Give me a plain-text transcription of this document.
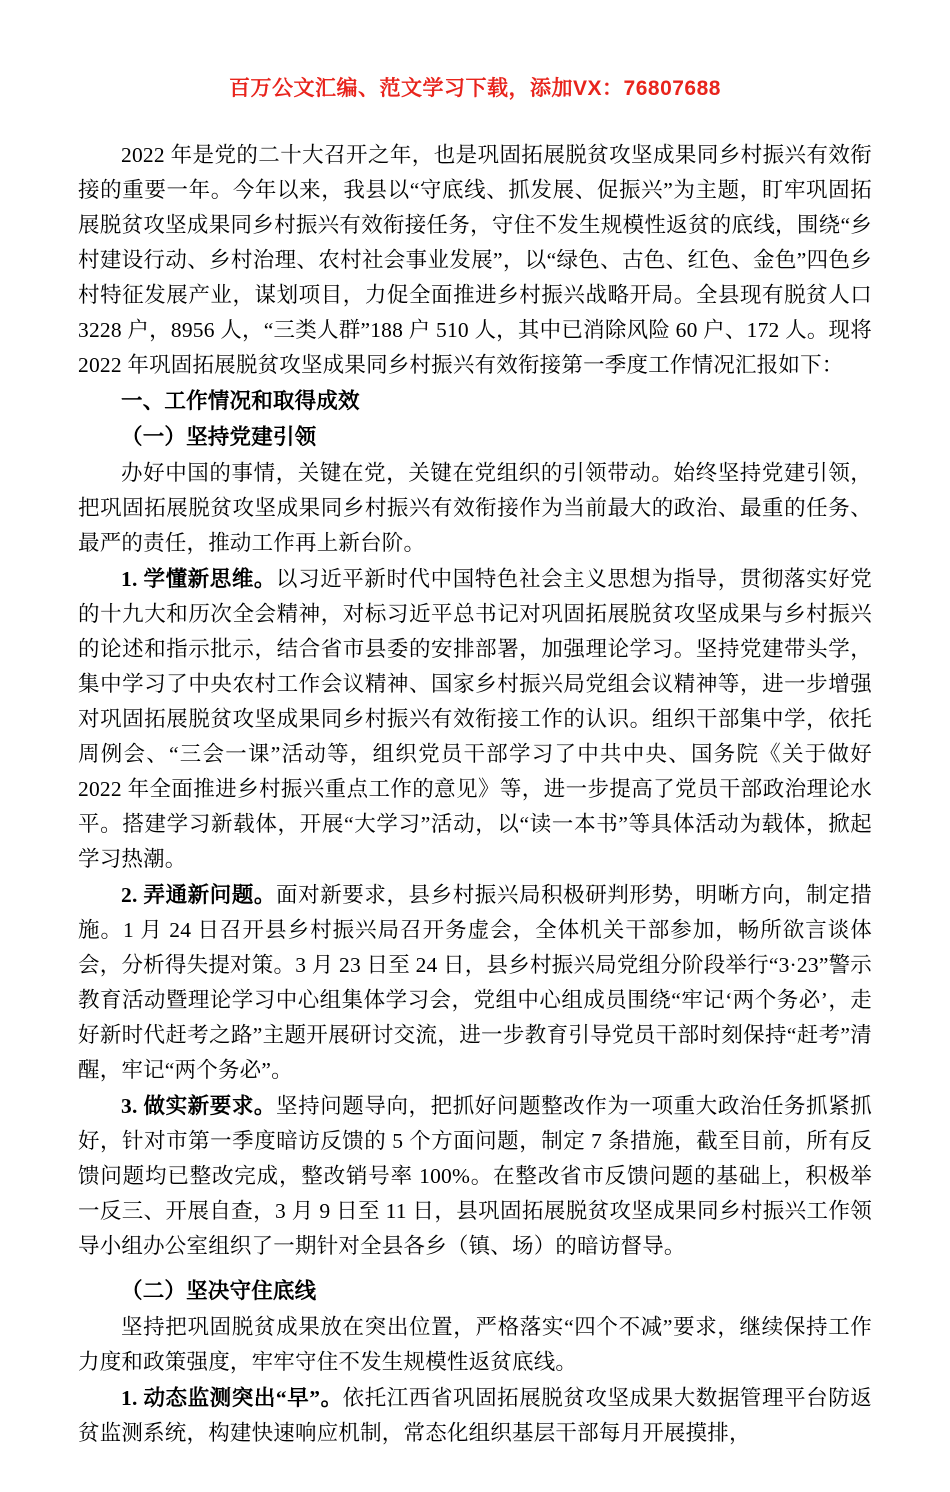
百万公文汇编、范文学习下载，添加VX：76807688

2022 年是党的二十大召开之年，也是巩固拓展脱贫攻坚成果同乡村振兴有效衔接的重要一年。今年以来，我县以“守底线、抓发展、促振兴”为主题，盯牢巩固拓展脱贫攻坚成果同乡村振兴有效衔接任务，守住不发生规模性返贫的底线，围绕“乡村建设行动、乡村治理、农村社会事业发展”，以“绿色、古色、红色、金色”四色乡村特征发展产业，谋划项目，力促全面推进乡村振兴战略开局。全县现有脱贫人口 3228 户，8956 人，“三类人群”188 户 510 人，其中已消除风险 60 户、172 人。现将 2022 年巩固拓展脱贫攻坚成果同乡村振兴有效衔接第一季度工作情况汇报如下：

一、工作情况和取得成效

（一）坚持党建引领

办好中国的事情，关键在党，关键在党组织的引领带动。始终坚持党建引领，把巩固拓展脱贫攻坚成果同乡村振兴有效衔接作为当前最大的政治、最重的任务、最严的责任，推动工作再上新台阶。

1. 学懂新思维。以习近平新时代中国特色社会主义思想为指导，贯彻落实好党的十九大和历次全会精神，对标习近平总书记对巩固拓展脱贫攻坚成果与乡村振兴的论述和指示批示，结合省市县委的安排部署，加强理论学习。坚持党建带头学，集中学习了中央农村工作会议精神、国家乡村振兴局党组会议精神等，进一步增强对巩固拓展脱贫攻坚成果同乡村振兴有效衔接工作的认识。组织干部集中学，依托周例会、“三会一课”活动等，组织党员干部学习了中共中央、国务院《关于做好 2022 年全面推进乡村振兴重点工作的意见》等，进一步提高了党员干部政治理论水平。搭建学习新载体，开展“大学习”活动，以“读一本书”等具体活动为载体，掀起学习热潮。

2. 弄通新问题。面对新要求，县乡村振兴局积极研判形势，明晰方向，制定措施。1 月 24 日召开县乡村振兴局召开务虚会，全体机关干部参加，畅所欲言谈体会，分析得失提对策。3 月 23 日至 24 日，县乡村振兴局党组分阶段举行“3·23”警示教育活动暨理论学习中心组集体学习会，党组中心组成员围绕“牢记‘两个务必’，走好新时代赶考之路”主题开展研讨交流，进一步教育引导党员干部时刻保持“赶考”清醒，牢记“两个务必”。

3. 做实新要求。坚持问题导向，把抓好问题整改作为一项重大政治任务抓紧抓好，针对市第一季度暗访反馈的 5 个方面问题，制定 7 条措施，截至目前，所有反馈问题均已整改完成，整改销号率 100%。在整改省市反馈问题的基础上，积极举一反三、开展自查，3 月 9 日至 11 日，县巩固拓展脱贫攻坚成果同乡村振兴工作领导小组办公室组织了一期针对全县各乡（镇、场）的暗访督导。

（二）坚决守住底线

坚持把巩固脱贫成果放在突出位置，严格落实“四个不减”要求，继续保持工作力度和政策强度，牢牢守住不发生规模性返贫底线。

1. 动态监测突出“早”。依托江西省巩固拓展脱贫攻坚成果大数据管理平台防返贫监测系统，构建快速响应机制，常态化组织基层干部每月开展摸排，
